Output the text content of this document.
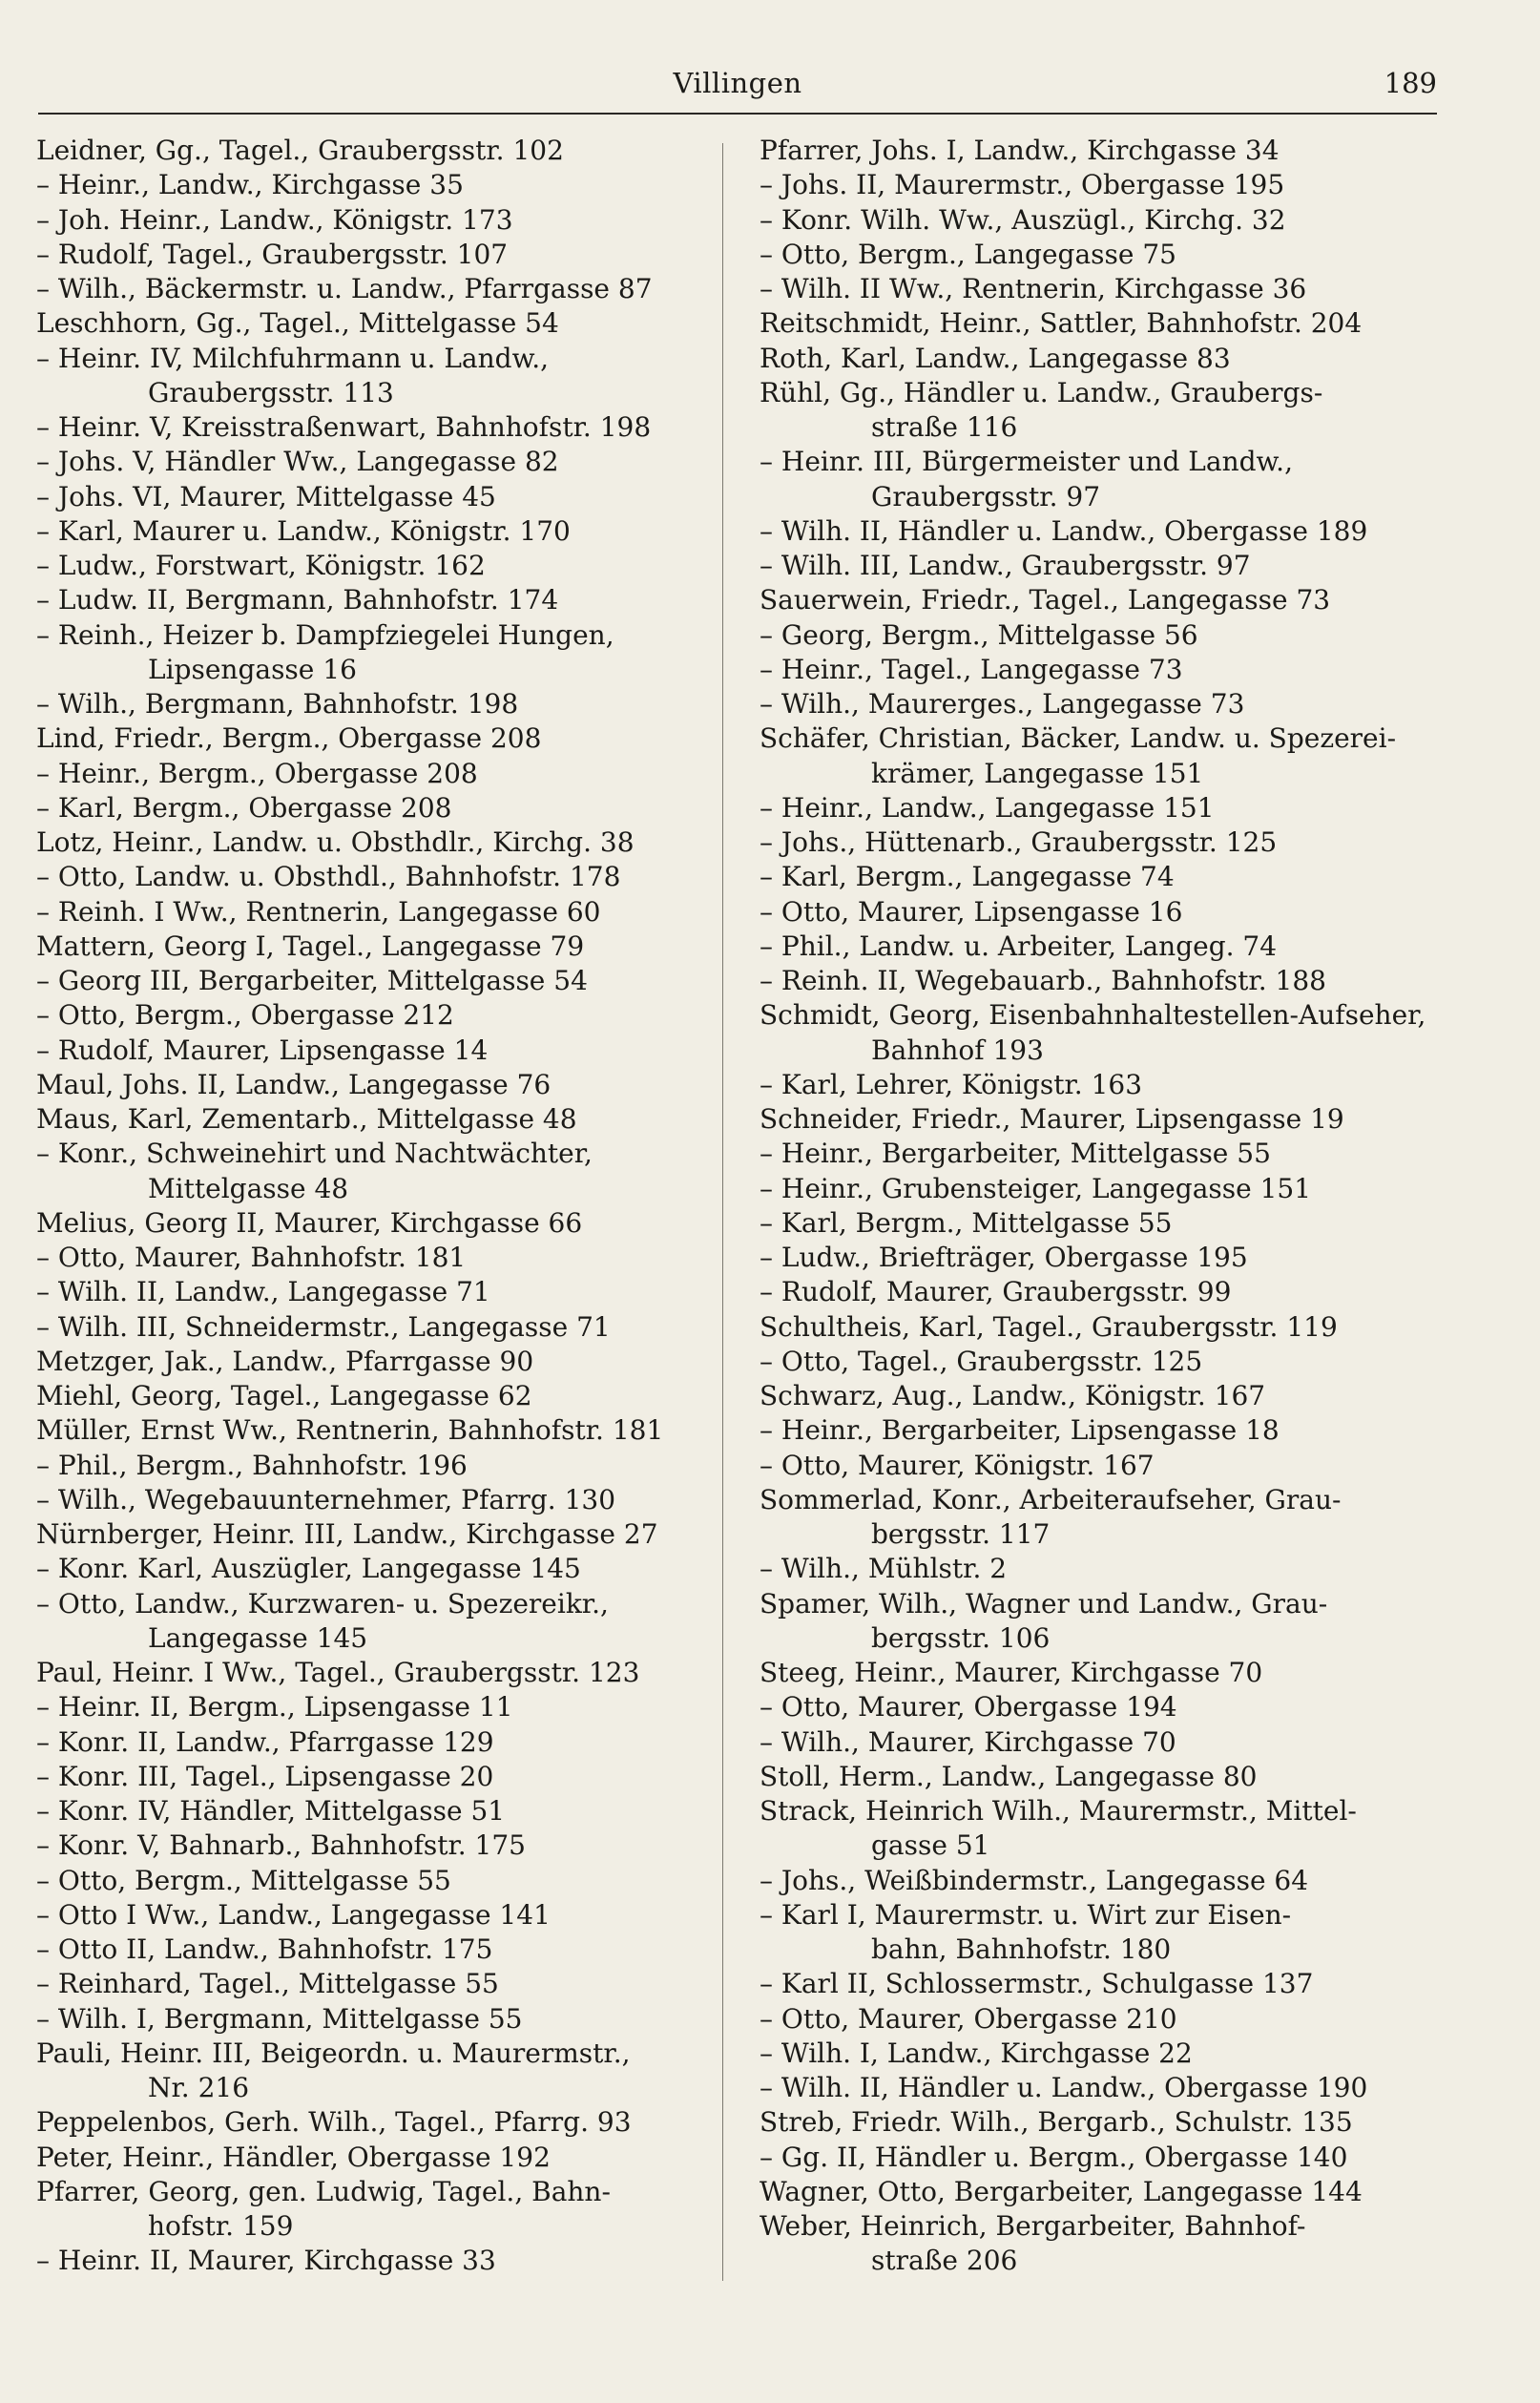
Villingen	189
Leidner, Gg., Tagel., Graubergsstr. 102
– Heinr., Landw., Kirchgasse 35
– Joh. Heinr., Landw., Königstr. 173
– Rudolf, Tagel., Graubergsstr. 107
– Wilh., Bäckermstr. u. Landw., Pfarrgasse 87
Leschhorn, Gg., Tagel., Mittelgasse 54
– Heinr. IV, Milchfuhrmann u. Landw.,
Graubergsstr. 113
– Heinr. V, Kreisstraßenwart, Bahnhofstr. 198
– Johs. V, Händler Ww., Langegasse 82
– Johs. VI, Maurer, Mittelgasse 45
– Karl, Maurer u. Landw., Königstr. 170
– Ludw., Forstwart, Königstr. 162
– Ludw. II, Bergmann, Bahnhofstr. 174
– Reinh., Heizer b. Dampfziegelei Hungen,
Lipsengasse 16
– Wilh., Bergmann, Bahnhofstr. 198
Lind, Friedr., Bergm., Obergasse 208
– Heinr., Bergm., Obergasse 208
– Karl, Bergm., Obergasse 208
Lotz, Heinr., Landw. u. Obsthdlr., Kirchg. 38
– Otto, Landw. u. Obsthdl., Bahnhofstr. 178
– Reinh. I Ww., Rentnerin, Langegasse 60
Mattern, Georg I, Tagel., Langegasse 79
– Georg III, Bergarbeiter, Mittelgasse 54
– Otto, Bergm., Obergasse 212
– Rudolf, Maurer, Lipsengasse 14
Maul, Johs. II, Landw., Langegasse 76
Maus, Karl, Zementarb., Mittelgasse 48
– Konr., Schweinehirt und Nachtwächter,
Mittelgasse 48
Melius, Georg II, Maurer, Kirchgasse 66
– Otto, Maurer, Bahnhofstr. 181
– Wilh. II, Landw., Langegasse 71
– Wilh. III, Schneidermstr., Langegasse 71
Metzger, Jak., Landw., Pfarrgasse 90
Miehl, Georg, Tagel., Langegasse 62
Müller, Ernst Ww., Rentnerin, Bahnhofstr. 181
– Phil., Bergm., Bahnhofstr. 196
– Wilh., Wegebauunternehmer, Pfarrg. 130
Nürnberger, Heinr. III, Landw., Kirchgasse 27
– Konr. Karl, Auszügler, Langegasse 145
– Otto, Landw., Kurzwaren- u. Spezereikr.,
Langegasse 145
Paul, Heinr. I Ww., Tagel., Graubergsstr. 123
– Heinr. II, Bergm., Lipsengasse 11
– Konr. II, Landw., Pfarrgasse 129
– Konr. III, Tagel., Lipsengasse 20
– Konr. IV, Händler, Mittelgasse 51
– Konr. V, Bahnarb., Bahnhofstr. 175
– Otto, Bergm., Mittelgasse 55
– Otto I Ww., Landw., Langegasse 141
– Otto II, Landw., Bahnhofstr. 175
– Reinhard, Tagel., Mittelgasse 55
– Wilh. I, Bergmann, Mittelgasse 55
Pauli, Heinr. III, Beigeordn. u. Maurermstr.,
Nr. 216
Peppelenbos, Gerh. Wilh., Tagel., Pfarrg. 93
Peter, Heinr., Händler, Obergasse 192
Pfarrer, Georg, gen. Ludwig, Tagel., Bahn-
hofstr. 159
– Heinr. II, Maurer, Kirchgasse 33
Pfarrer, Johs. I, Landw., Kirchgasse 34
– Johs. II, Maurermstr., Obergasse 195
– Konr. Wilh. Ww., Auszügl., Kirchg. 32
– Otto, Bergm., Langegasse 75
– Wilh. II Ww., Rentnerin, Kirchgasse 36
Reitschmidt, Heinr., Sattler, Bahnhofstr. 204
Roth, Karl, Landw., Langegasse 83
Rühl, Gg., Händler u. Landw., Graubergs-
straße 116
– Heinr. III, Bürgermeister und Landw.,
Graubergsstr. 97
– Wilh. II, Händler u. Landw., Obergasse 189
– Wilh. III, Landw., Graubergsstr. 97
Sauerwein, Friedr., Tagel., Langegasse 73
– Georg, Bergm., Mittelgasse 56
– Heinr., Tagel., Langegasse 73
– Wilh., Maurerges., Langegasse 73
Schäfer, Christian, Bäcker, Landw. u. Spezerei-
krämer, Langegasse 151
– Heinr., Landw., Langegasse 151
– Johs., Hüttenarb., Graubergsstr. 125
– Karl, Bergm., Langegasse 74
– Otto, Maurer, Lipsengasse 16
– Phil., Landw. u. Arbeiter, Langeg. 74
– Reinh. II, Wegebauarb., Bahnhofstr. 188
Schmidt, Georg, Eisenbahnhaltestellen-Aufseher,
Bahnhof 193
– Karl, Lehrer, Königstr. 163
Schneider, Friedr., Maurer, Lipsengasse 19
– Heinr., Bergarbeiter, Mittelgasse 55
– Heinr., Grubensteiger, Langegasse 151
– Karl, Bergm., Mittelgasse 55
– Ludw., Briefträger, Obergasse 195
– Rudolf, Maurer, Graubergsstr. 99
Schultheis, Karl, Tagel., Graubergsstr. 119
– Otto, Tagel., Graubergsstr. 125
Schwarz, Aug., Landw., Königstr. 167
– Heinr., Bergarbeiter, Lipsengasse 18
– Otto, Maurer, Königstr. 167
Sommerlad, Konr., Arbeiteraufseher, Grau-
bergsstr. 117
– Wilh., Mühlstr. 2
Spamer, Wilh., Wagner und Landw., Grau-
bergsstr. 106
Steeg, Heinr., Maurer, Kirchgasse 70
– Otto, Maurer, Obergasse 194
– Wilh., Maurer, Kirchgasse 70
Stoll, Herm., Landw., Langegasse 80
Strack, Heinrich Wilh., Maurermstr., Mittel-
gasse 51
– Johs., Weißbindermstr., Langegasse 64
– Karl I, Maurermstr. u. Wirt zur Eisen-
bahn, Bahnhofstr. 180
– Karl II, Schlossermstr., Schulgasse 137
– Otto, Maurer, Obergasse 210
– Wilh. I, Landw., Kirchgasse 22
– Wilh. II, Händler u. Landw., Obergasse 190
Streb, Friedr. Wilh., Bergarb., Schulstr. 135
– Gg. II, Händler u. Bergm., Obergasse 140
Wagner, Otto, Bergarbeiter, Langegasse 144
Weber, Heinrich, Bergarbeiter, Bahnhof-
straße 206
